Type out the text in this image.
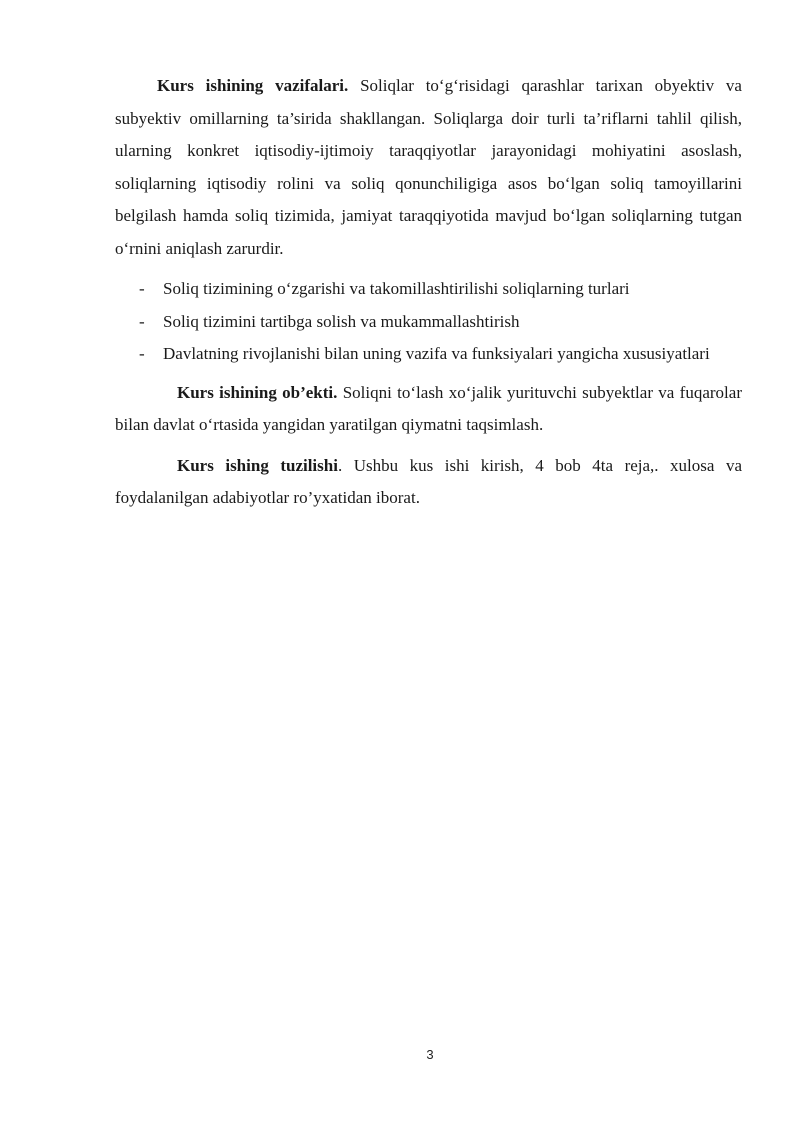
Kurs ishining vazifalari. Soliqlar to‘g‘risidagi qarashlar tarixan obyektiv va subyektiv omillarning ta’sirida shakllangan. Soliqlarga doir turli ta’riflarni tahlil qilish, ularning konkret iqtisodiy-ijtimoiy taraqqiyotlar jarayonidagi mohiyatini asoslash, soliqlarning iqtisodiy rolini va soliq qonunchiligiga asos bo‘lgan soliq tamoyillarini belgilash hamda soliq tizimida, jamiyat taraqqiyotida mavjud bo‘lgan soliqlarning tutgan o‘rnini aniqlash zarurdir.

- Soliq tizimining o‘zgarishi va takomillashtirilishi soliqlarning turlari
- Soliq tizimini tartibga solish va mukammallashtirish
- Davlatning rivojlanishi bilan uning vazifa va funksiyalari yangicha xususiyatlari

Kurs ishining ob’ekti. Soliqni to‘lash xo‘jalik yurituvchi subyektlar va fuqarolar bilan davlat o‘rtasida yangidan yaratilgan qiymatni taqsimlash.

Kurs ishing tuzilishi. Ushbu kus ishi kirish, 4 bob 4ta reja,. xulosa va foydalanilgan adabiyotlar ro’yxatidan iborat.

3
